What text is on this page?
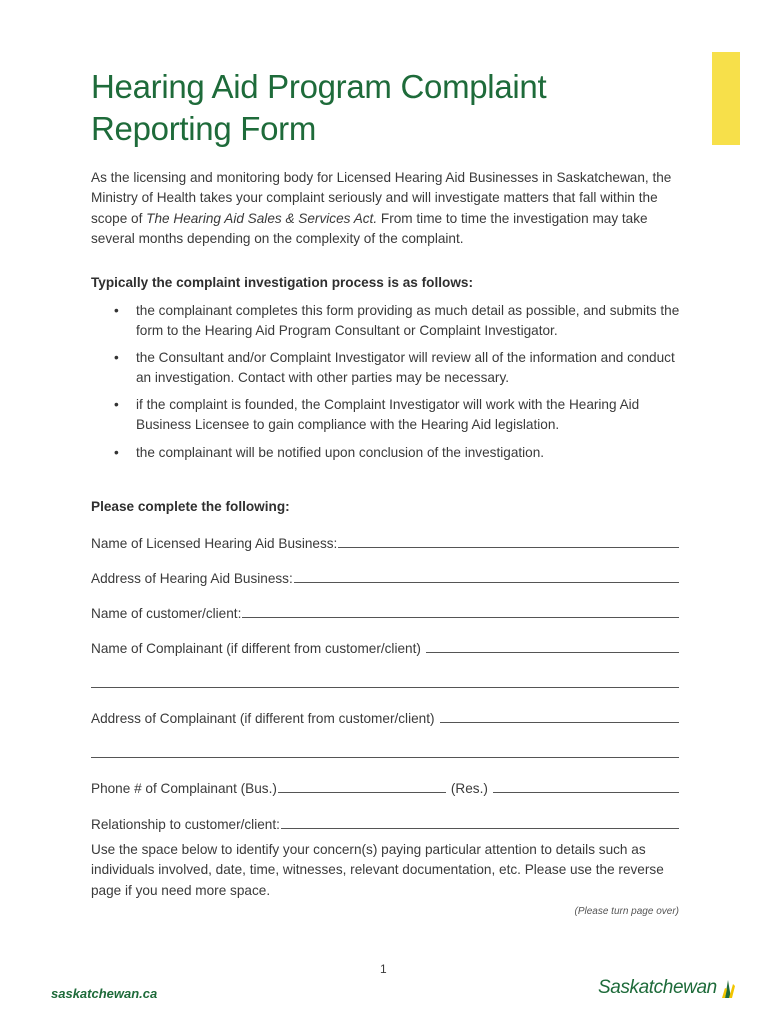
Hearing Aid Program Complaint Reporting Form

As the licensing and monitoring body for Licensed Hearing Aid Businesses in Saskatchewan, the Ministry of Health takes your complaint seriously and will investigate matters that fall within the scope of The Hearing Aid Sales & Services Act. From time to time the investigation may take several months depending on the complexity of the complaint.

Typically the complaint investigation process is as follows:

• the complainant completes this form providing as much detail as possible, and submits the form to the Hearing Aid Program Consultant or Complaint Investigator.
• the Consultant and/or Complaint Investigator will review all of the information and conduct an investigation. Contact with other parties may be necessary.
• if the complaint is founded, the Complaint Investigator will work with the Hearing Aid Business Licensee to gain compliance with the Hearing Aid legislation.
• the complainant will be notified upon conclusion of the investigation.

Please complete the following:

Name of Licensed Hearing Aid Business:
Address of Hearing Aid Business:
Name of customer/client:
Name of Complainant (if different from customer/client)
Address of Complainant (if different from customer/client)
Phone # of Complainant (Bus.)	(Res.)
Relationship to customer/client:

Use the space below to identify your concern(s) paying particular attention to details such as individuals involved, date, time, witnesses, relevant documentation, etc. Please use the reverse page if you need more space.

(Please turn page over)
1
saskatchewan.ca	Saskatchewan
